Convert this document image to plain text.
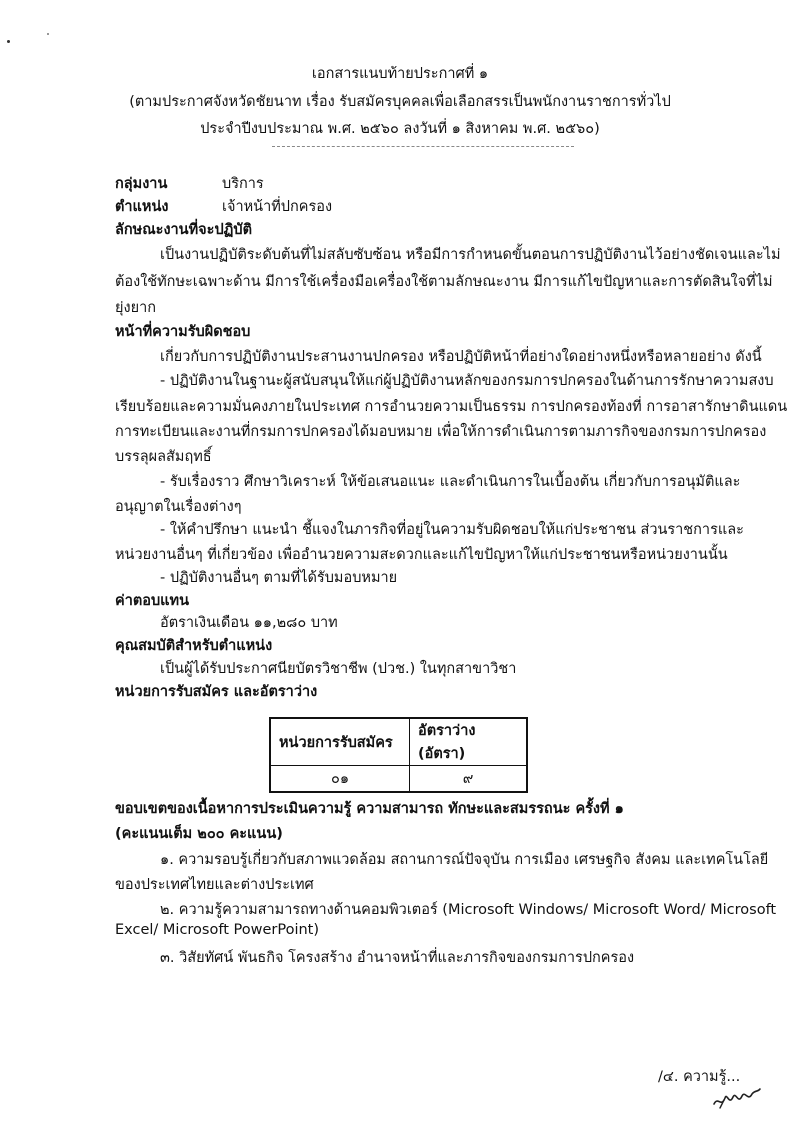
เอกสารแนบท้ายประกาศที่ ๑
(ตามประกาศจังหวัดชัยนาท เรื่อง รับสมัครบุคคลเพื่อเลือกสรรเป็นพนักงานราชการทั่วไป
ประจำปีงบประมาณ พ.ศ. ๒๕๖๐ ลงวันที่ ๑ สิงหาคม พ.ศ. ๒๕๖๐)
กลุ่มงาน	บริการ
ตำแหน่ง	เจ้าหน้าที่ปกครอง
ลักษณะงานที่จะปฏิบัติ
เป็นงานปฏิบัติระดับต้นที่ไม่สลับซับซ้อน หรือมีการกำหนดขั้นตอนการปฏิบัติงานไว้อย่างชัดเจนและไม่
ต้องใช้ทักษะเฉพาะด้าน มีการใช้เครื่องมือเครื่องใช้ตามลักษณะงาน มีการแก้ไขปัญหาและการตัดสินใจที่ไม่
ยุ่งยาก
หน้าที่ความรับผิดชอบ
เกี่ยวกับการปฏิบัติงานประสานงานปกครอง หรือปฏิบัติหน้าที่อย่างใดอย่างหนึ่งหรือหลายอย่าง ดังนี้
- ปฏิบัติงานในฐานะผู้สนับสนุนให้แก่ผู้ปฏิบัติงานหลักของกรมการปกครองในด้านการรักษาความสงบ
เรียบร้อยและความมั่นคงภายในประเทศ การอำนวยความเป็นธรรม การปกครองท้องที่ การอาสารักษาดินแดน
การทะเบียนและงานที่กรมการปกครองได้มอบหมาย เพื่อให้การดำเนินการตามภารกิจของกรมการปกครอง
บรรลุผลสัมฤทธิ์
- รับเรื่องราว ศึกษาวิเคราะห์ ให้ข้อเสนอแนะ และดำเนินการในเบื้องต้น เกี่ยวกับการอนุมัติและ
อนุญาตในเรื่องต่างๆ
- ให้คำปรึกษา แนะนำ ชี้แจงในภารกิจที่อยู่ในความรับผิดชอบให้แก่ประชาชน ส่วนราชการและ
หน่วยงานอื่นๆ ที่เกี่ยวข้อง เพื่ออำนวยความสะดวกและแก้ไขปัญหาให้แก่ประชาชนหรือหน่วยงานนั้น
- ปฏิบัติงานอื่นๆ ตามที่ได้รับมอบหมาย
ค่าตอบแทน
อัตราเงินเดือน ๑๑,๒๘๐ บาท
คุณสมบัติสำหรับตำแหน่ง
เป็นผู้ได้รับประกาศนียบัตรวิชาชีพ (ปวช.) ในทุกสาขาวิชา
หน่วยการรับสมัคร และอัตราว่าง
หน่วยการรับสมัคร	อัตราว่าง (อัตรา)
๐๑	๙
ขอบเขตของเนื้อหาการประเมินความรู้ ความสามารถ ทักษะและสมรรถนะ ครั้งที่ ๑
(คะแนนเต็ม ๒๐๐ คะแนน)
๑. ความรอบรู้เกี่ยวกับสภาพแวดล้อม สถานการณ์ปัจจุบัน การเมือง เศรษฐกิจ สังคม และเทคโนโลยี
ของประเทศไทยและต่างประเทศ
๒. ความรู้ความสามารถทางด้านคอมพิวเตอร์ (Microsoft Windows/ Microsoft Word/ Microsoft
Excel/ Microsoft PowerPoint)
๓. วิสัยทัศน์ พันธกิจ โครงสร้าง อำนาจหน้าที่และภารกิจของกรมการปกครอง
/๔. ความรู้...
